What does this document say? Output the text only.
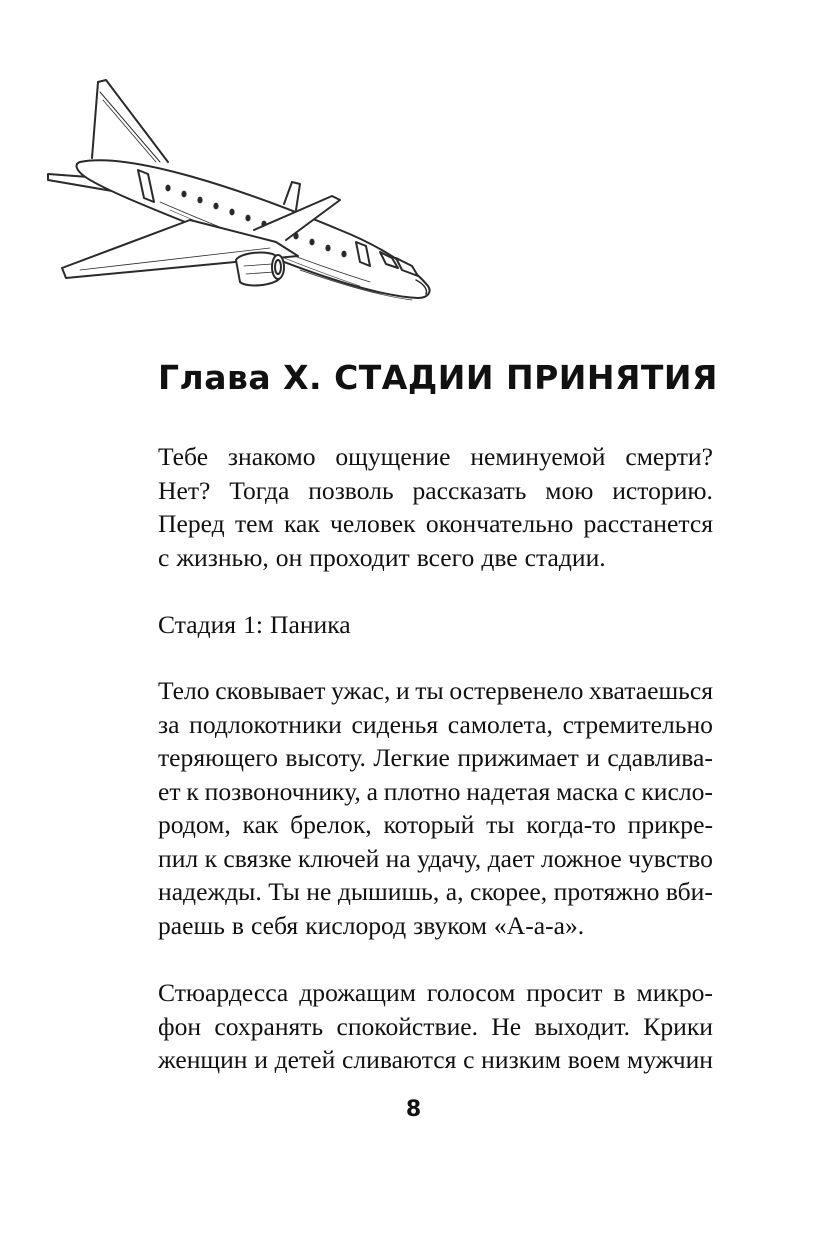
Глава X. СТАДИИ ПРИНЯТИЯ
Тебе знакомо ощущение неминуемой смерти?
Нет? Тогда позволь рассказать мою историю.
Перед тем как человек окончательно расстанется
с жизнью, он проходит всего две стадии.
Стадия 1: Паника
Тело сковывает ужас, и ты остервенело хватаешься
за подлокотники сиденья самолета, стремительно
теряющего высоту. Легкие прижимает и сдавлива-
ет к позвоночнику, а плотно надетая маска с кисло-
родом, как брелок, который ты когда-то прикре-
пил к связке ключей на удачу, дает ложное чувство
надежды. Ты не дышишь, а, скорее, протяжно вби-
раешь в себя кислород звуком «А-а-а».
Стюардесса дрожащим голосом просит в микро-
фон сохранять спокойствие. Не выходит. Крики
женщин и детей сливаются с низким воем мужчин
8
